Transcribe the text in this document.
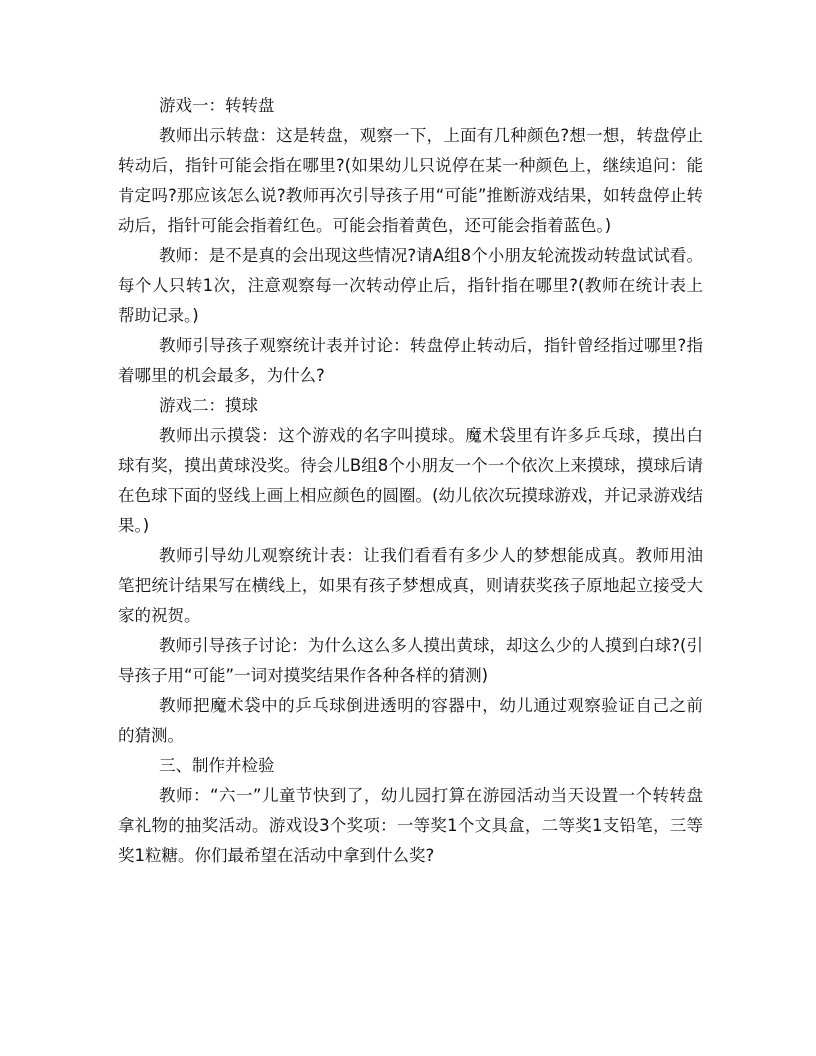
游戏一：转转盘

教师出示转盘：这是转盘，观察一下，上面有几种颜色?想一想，转盘停止转动后，指针可能会指在哪里?(如果幼儿只说停在某一种颜色上，继续追问：能肯定吗?那应该怎么说?教师再次引导孩子用“可能”推断游戏结果，如转盘停止转动后，指针可能会指着红色。可能会指着黄色，还可能会指着蓝色。)

教师：是不是真的会出现这些情况?请A组8个小朋友轮流拨动转盘试试看。每个人只转1次，注意观察每一次转动停止后，指针指在哪里?(教师在统计表上帮助记录。)

教师引导孩子观察统计表并讨论：转盘停止转动后，指针曾经指过哪里?指着哪里的机会最多，为什么?

游戏二：摸球

教师出示摸袋：这个游戏的名字叫摸球。魔术袋里有许多乒乓球，摸出白球有奖，摸出黄球没奖。待会儿B组8个小朋友一个一个依次上来摸球，摸球后请在色球下面的竖线上画上相应颜色的圆圈。(幼儿依次玩摸球游戏，并记录游戏结果。)

教师引导幼儿观察统计表：让我们看看有多少人的梦想能成真。教师用油笔把统计结果写在横线上，如果有孩子梦想成真，则请获奖孩子原地起立接受大家的祝贺。

教师引导孩子讨论：为什么这么多人摸出黄球，却这么少的人摸到白球?(引导孩子用“可能”一词对摸奖结果作各种各样的猜测)

教师把魔术袋中的乒乓球倒进透明的容器中，幼儿通过观察验证自己之前的猜测。

三、制作并检验

教师：“六一”儿童节快到了，幼儿园打算在游园活动当天设置一个转转盘拿礼物的抽奖活动。游戏设3个奖项：一等奖1个文具盒，二等奖1支铅笔，三等奖1粒糖。你们最希望在活动中拿到什么奖?
